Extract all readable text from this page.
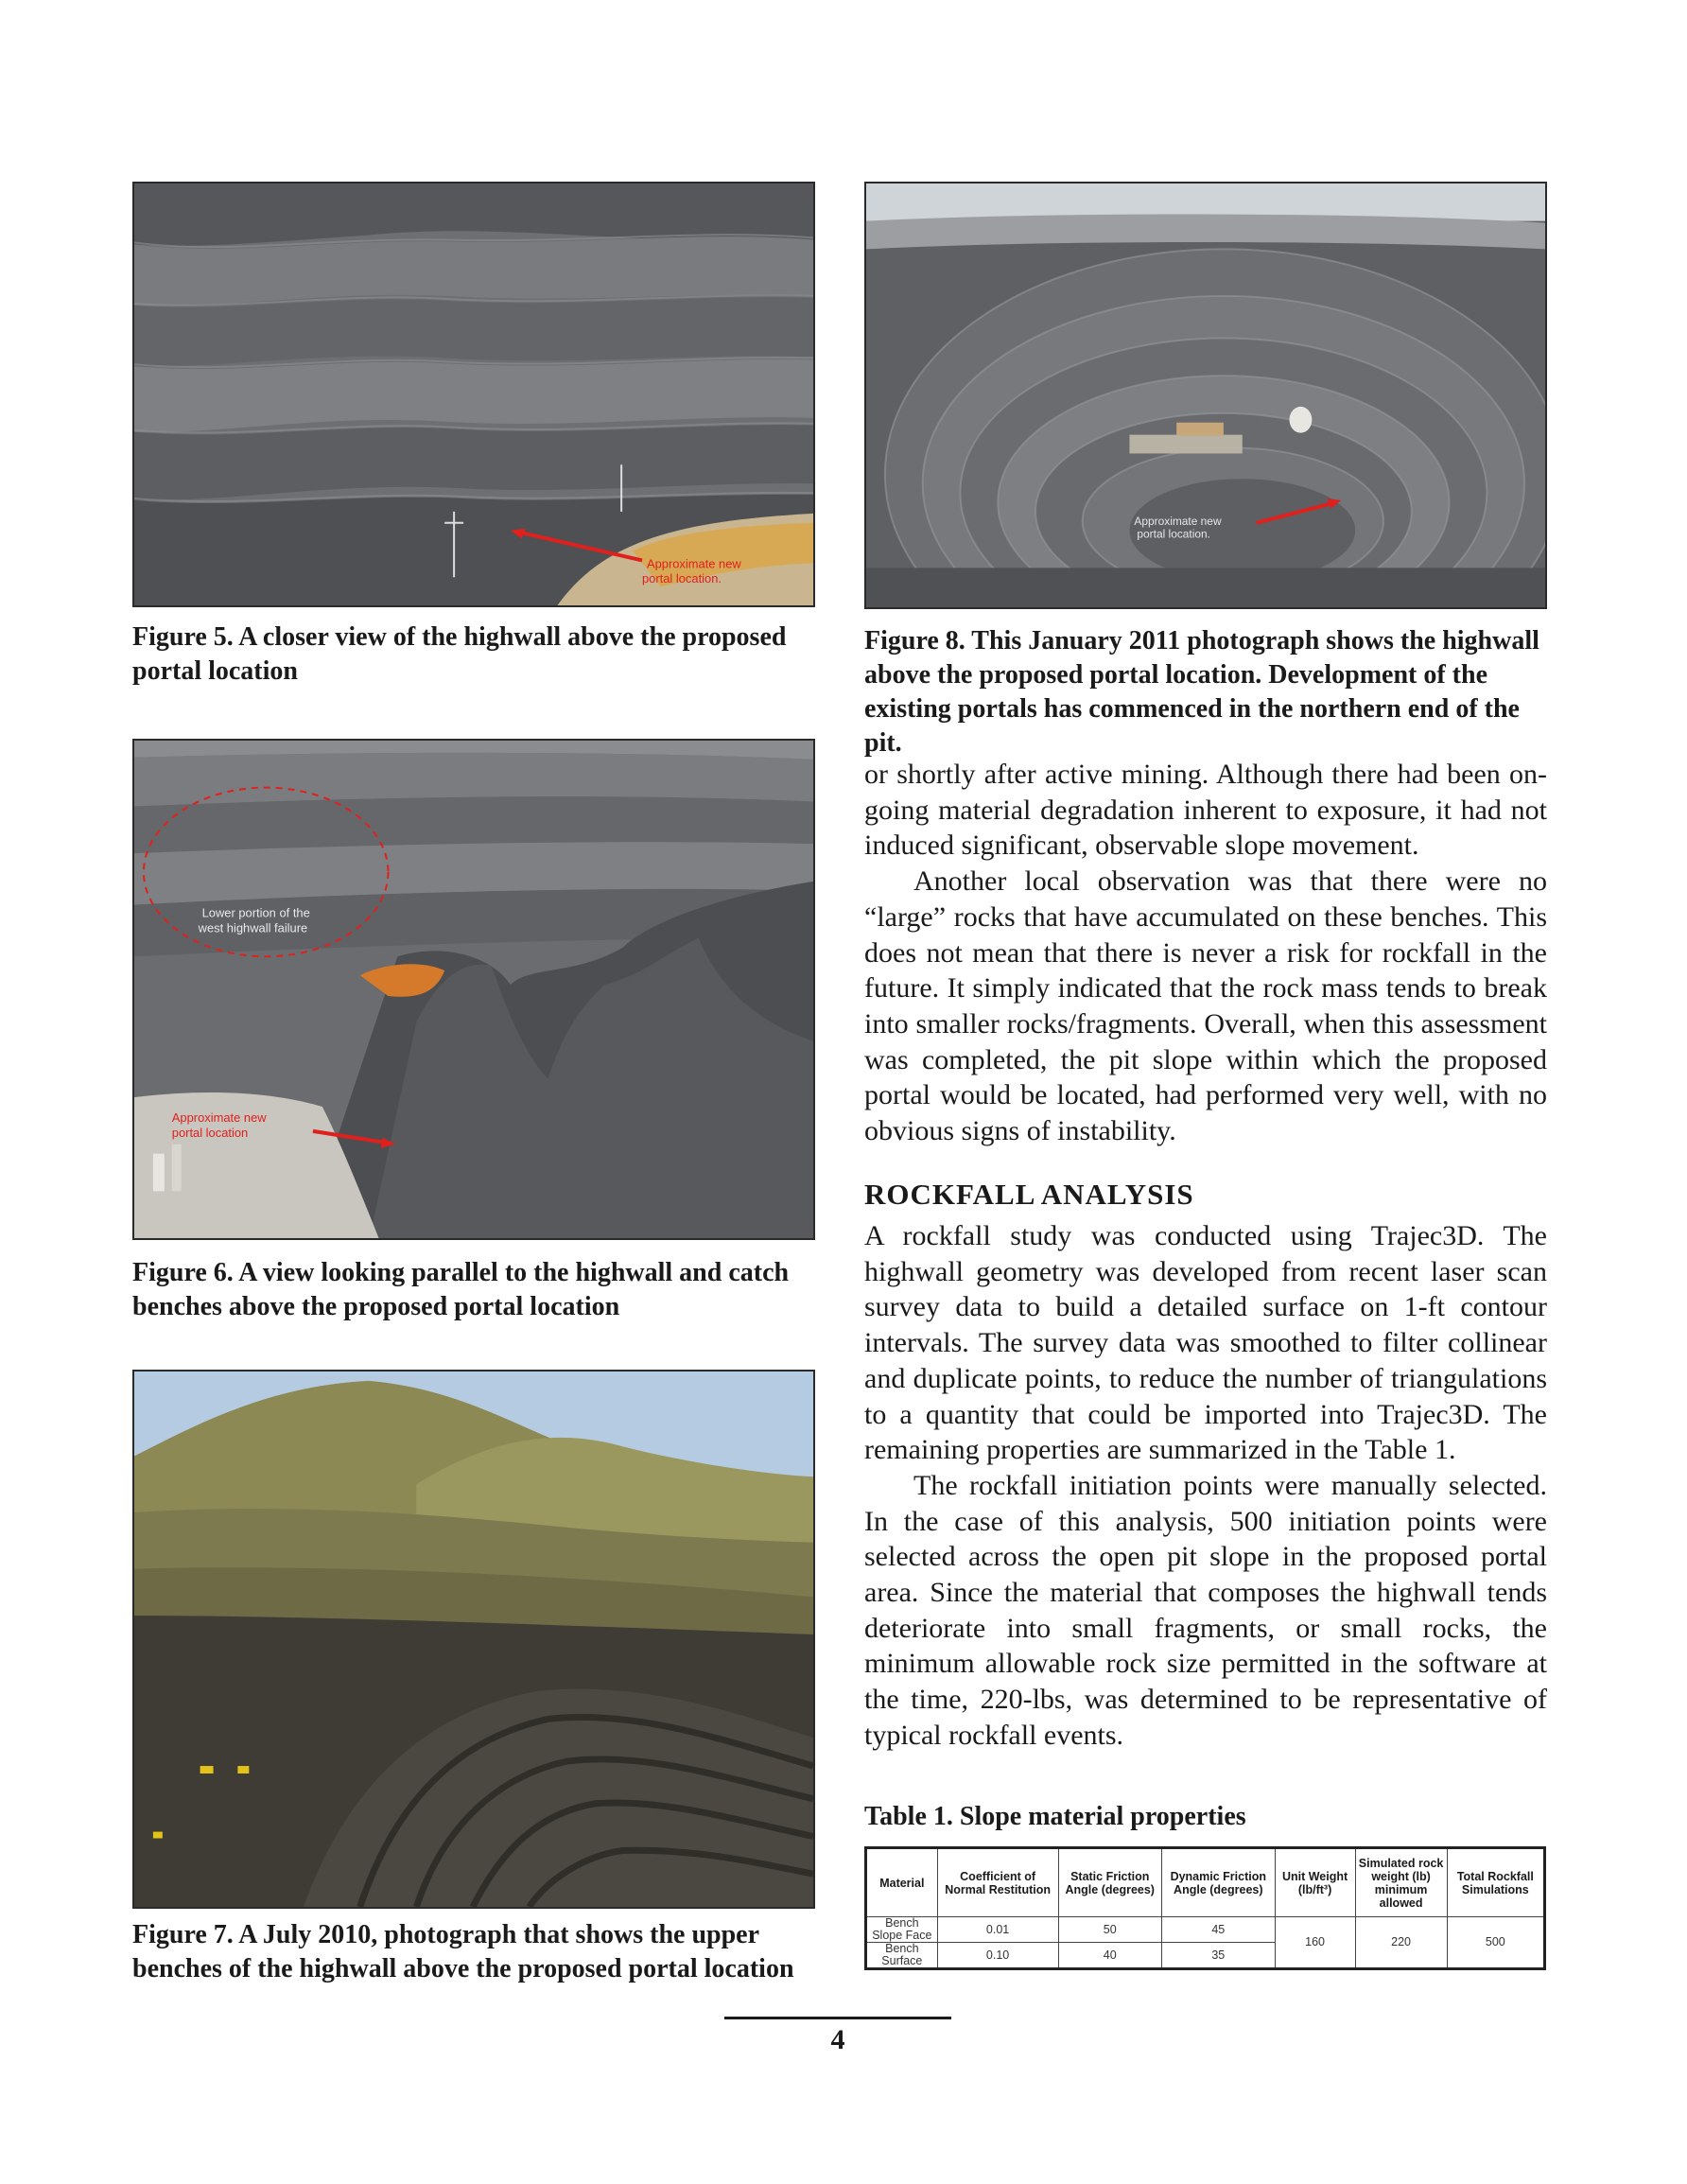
Approximate new portal location.
Figure 5. A closer view of the highwall above the proposed portal location
Approximate new portal location.
Figure 8. This January 2011 photograph shows the highwall above the proposed portal location. Development of the existing portals has commenced in the northern end of the pit.
Lower portion of the west highwall failure
Approximate new portal location
Figure 6. A view looking parallel to the highwall and catch benches above the proposed portal location
Figure 7. A July 2010, photograph that shows the upper benches of the highwall above the proposed portal location

or shortly after active mining. Although there had been on-going material degradation inherent to exposure, it had not induced significant, observable slope movement.

Another local observation was that there were no “large” rocks that have accumulated on these benches. This does not mean that there is never a risk for rockfall in the future. It simply indicated that the rock mass tends to break into smaller rocks/fragments. Overall, when this assessment was completed, the pit slope within which the proposed portal would be located, had performed very well, with no obvious signs of instability.

ROCKFALL ANALYSIS

A rockfall study was conducted using Trajec3D. The highwall geometry was developed from recent laser scan survey data to build a detailed surface on 1-ft contour intervals. The survey data was smoothed to filter collinear and duplicate points, to reduce the number of triangulations to a quantity that could be imported into Trajec3D. The remaining properties are summarized in the Table 1.

The rockfall initiation points were manually selected. In the case of this analysis, 500 initiation points were selected across the open pit slope in the proposed portal area. Since the material that composes the highwall tends deteriorate into small fragments, or small rocks, the minimum allowable rock size permitted in the software at the time, 220-lbs, was determined to be representative of typical rockfall events.

Table 1. Slope material properties
Material	Coefficient of Normal Restitution	Static Friction Angle (degrees)	Dynamic Friction Angle (degrees)	Unit Weight (lb/ft³)	Simulated rock weight (lb) minimum allowed	Total Rockfall Simulations
Bench Slope Face	0.01	50	45	160	220	500
Bench Surface	0.10	40	35			
4
